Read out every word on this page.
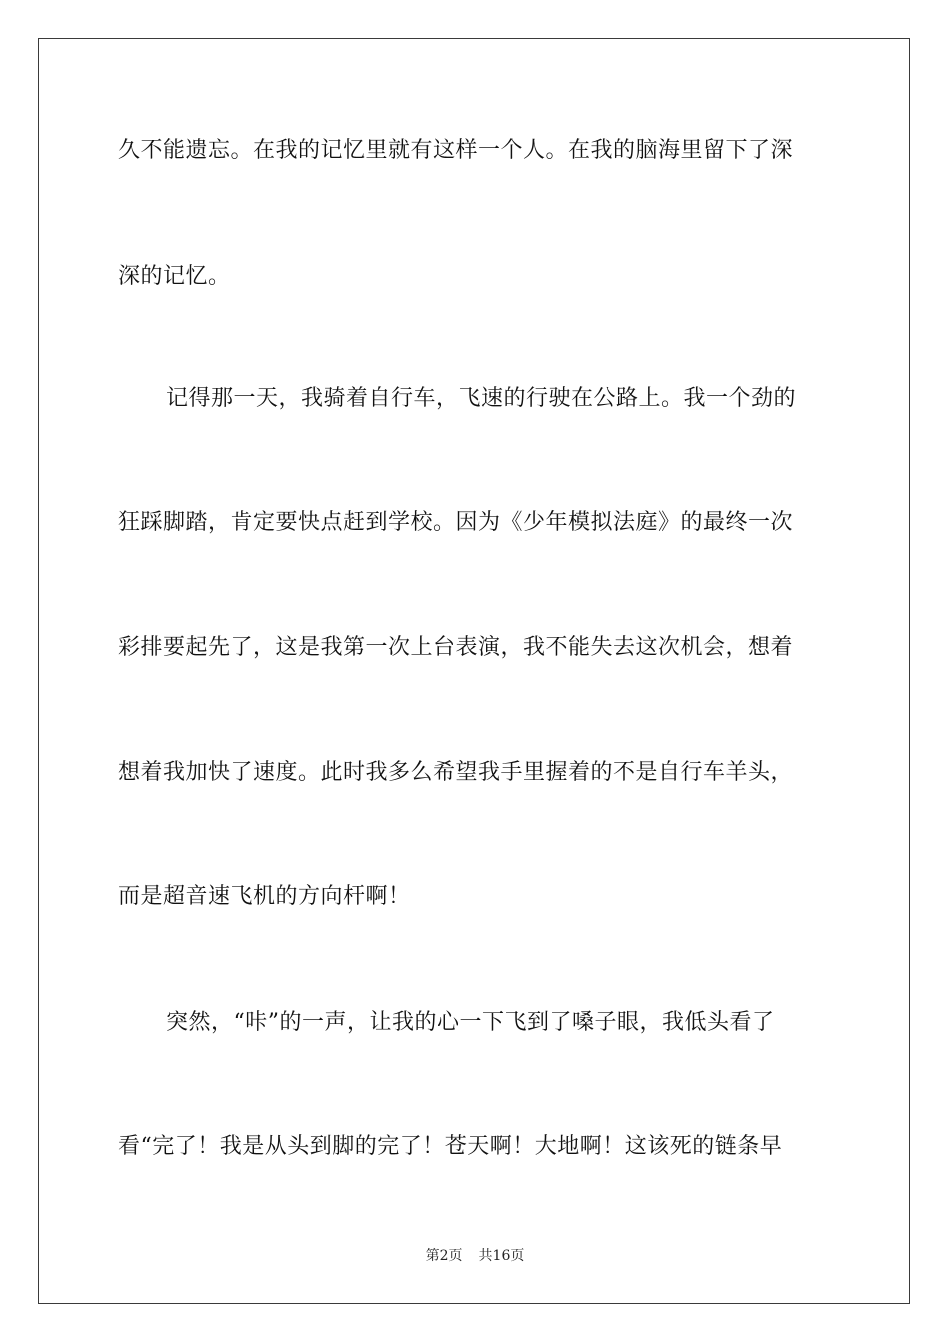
久不能遗忘。在我的记忆里就有这样一个人。在我的脑海里留下了深
深的记忆。
记得那一天，我骑着自行车，飞速的行驶在公路上。我一个劲的
狂踩脚踏，肯定要快点赶到学校。因为《少年模拟法庭》的最终一次
彩排要起先了，这是我第一次上台表演，我不能失去这次机会，想着
想着我加快了速度。此时我多么希望我手里握着的不是自行车羊头，
而是超音速飞机的方向杆啊！
突然，“咔”的一声，让我的心一下飞到了嗓子眼，我低头看了
看“完了！我是从头到脚的完了！苍天啊！大地啊！这该死的链条早
第2页 共16页
